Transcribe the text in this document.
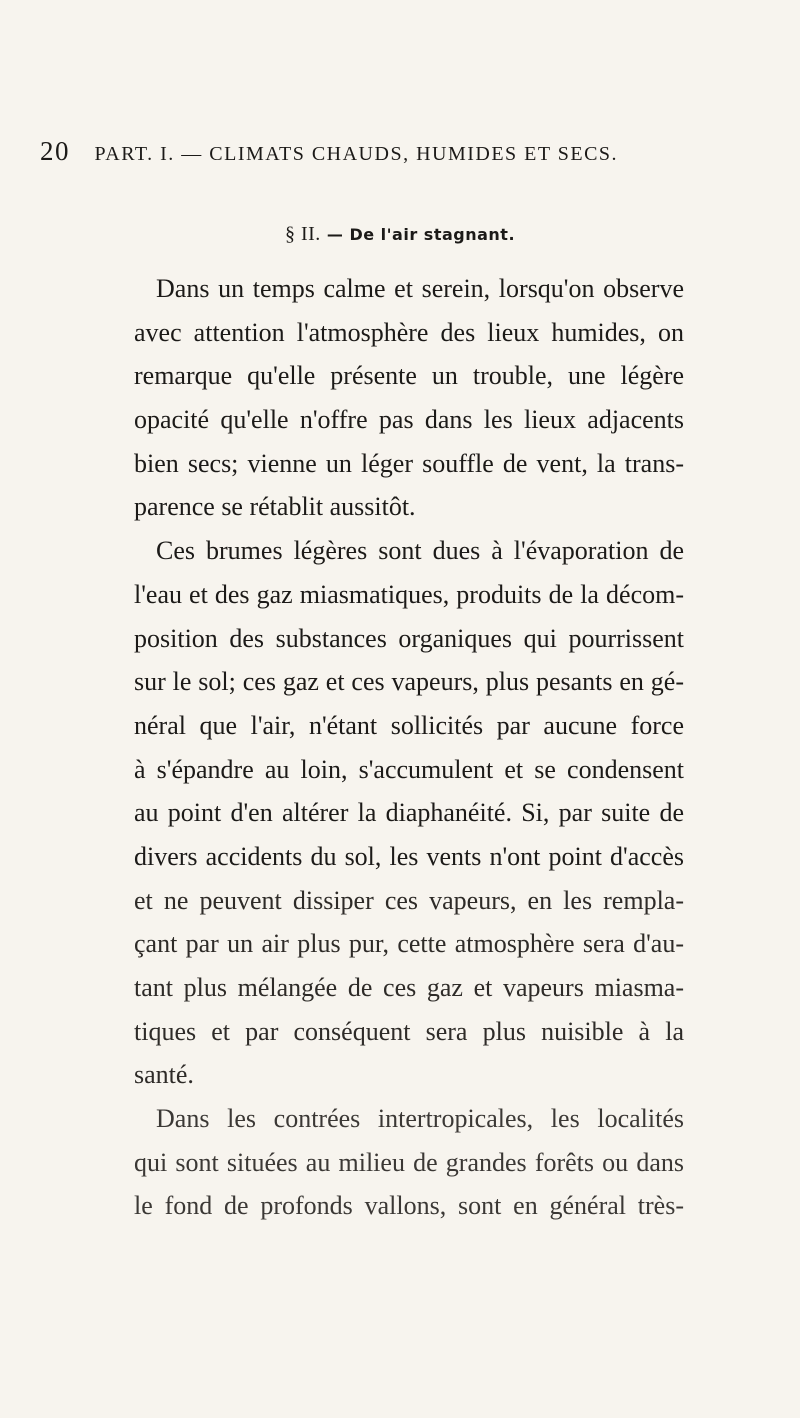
20 PART. I. — CLIMATS CHAUDS, HUMIDES ET SECS.
§ II. — De l'air stagnant.
Dans un temps calme et serein, lorsqu'on observe
avec attention l'atmosphère des lieux humides, on
remarque qu'elle présente un trouble, une légère
opacité qu'elle n'offre pas dans les lieux adjacents
bien secs; vienne un léger souffle de vent, la trans-
parence se rétablit aussitôt.
Ces brumes légères sont dues à l'évaporation de
l'eau et des gaz miasmatiques, produits de la décom-
position des substances organiques qui pourrissent
sur le sol; ces gaz et ces vapeurs, plus pesants en gé-
néral que l'air, n'étant sollicités par aucune force
à s'épandre au loin, s'accumulent et se condensent
au point d'en altérer la diaphanéité. Si, par suite de
divers accidents du sol, les vents n'ont point d'accès
et ne peuvent dissiper ces vapeurs, en les rempla-
çant par un air plus pur, cette atmosphère sera d'au-
tant plus mélangée de ces gaz et vapeurs miasma-
tiques et par conséquent sera plus nuisible à la
santé.
Dans les contrées intertropicales, les localités
qui sont situées au milieu de grandes forêts ou dans
le fond de profonds vallons, sont en général très-
